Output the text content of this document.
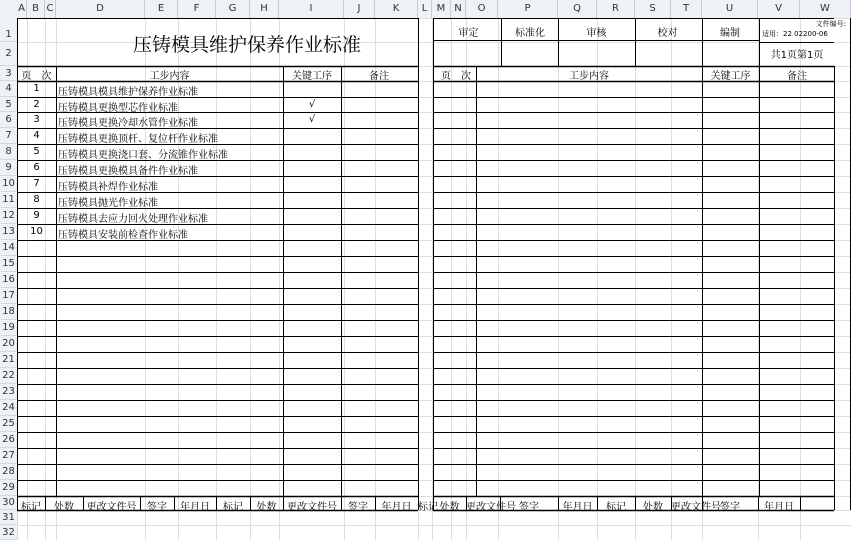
A B C	D	E	F	G	H	I	J	K	L M N	O	P	Q	R	S	T	U	V	W
1
2
3
4
5
6
7
8
9
10
11
12
13
14
15
16
17
18
19
20
21
22
23
24
25
26
27
28
29
30
31
32
压铸模具维护保养作业标准
审定	标准化	审核	校对	编制
文件编号:
适用：22 02200-06
共1页第1页
页　次	工步内容	关键工序	备注	页　次	工步内容	关键工序	备注
1	压铸模具模具维护保养作业标准
2	压铸模具更换型芯作业标准	√
3	压铸模具更换冷却水管作业标准	√
4	压铸模具更换顶杆、复位杆作业标准
5	压铸模具更换浇口套、分流锥作业标准
6	压铸模具更换模具备件作业标准
7	压铸模具补焊作业标准
8	压铸模具抛光作业标准
9	压铸模具去应力回火处理作业标准
10	压铸模具安装前检查作业标准
标记	处数	更改文件号	签字	年月日	标记	处数	更改文件号	签字	年月日 标记 处数 更改文件号 签字	年月日	标记	处数 更改文件号 签字	年月日
